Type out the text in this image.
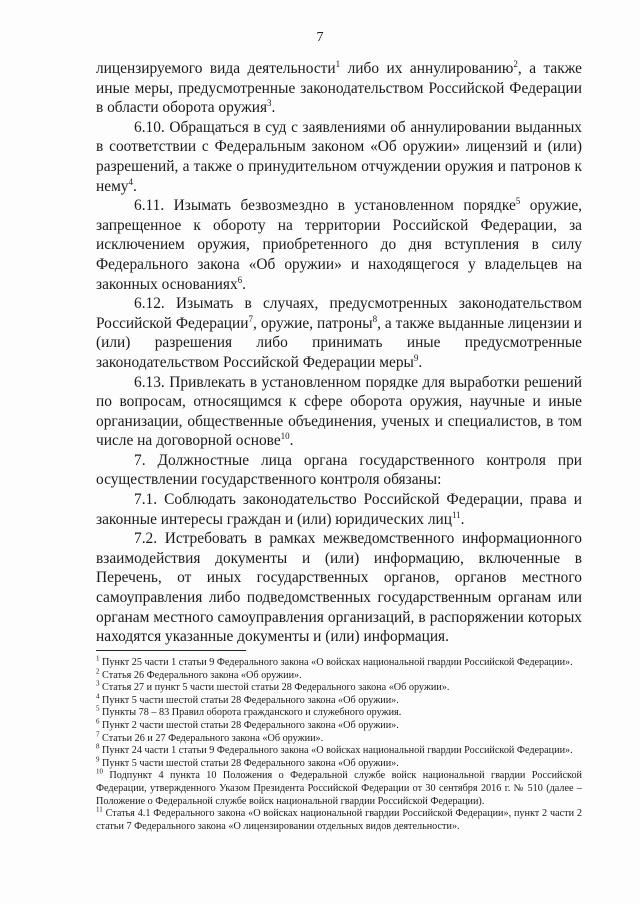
7

лицензируемого вида деятельности$^1$ либо их аннулированию$^2$, а также иные меры, предусмотренные законодательством Российской Федерации в области оборота оружия$^3$.

6.10. Обращаться в суд с заявлениями об аннулировании выданных в соответствии с Федеральным законом «Об оружии» лицензий и (или) разрешений, а также о принудительном отчуждении оружия и патронов к нему$^4$.

6.11. Изымать безвозмездно в установленном порядке$^5$ оружие, запрещенное к обороту на территории Российской Федерации, за исключением оружия, приобретенного до дня вступления в силу Федерального закона «Об оружии» и находящегося у владельцев на законных основаниях$^6$.

6.12. Изымать в случаях, предусмотренных законодательством Российской Федерации$^7$, оружие, патроны$^8$, а также выданные лицензии и (или) разрешения либо принимать иные предусмотренные законодательством Российской Федерации меры$^9$.

6.13. Привлекать в установленном порядке для выработки решений по вопросам, относящимся к сфере оборота оружия, научные и иные организации, общественные объединения, ученых и специалистов, в том числе на договорной основе$^{10}$.

7. Должностные лица органа государственного контроля при осуществлении государственного контроля обязаны:

7.1. Соблюдать законодательство Российской Федерации, права и законные интересы граждан и (или) юридических лиц$^{11}$.

7.2. Истребовать в рамках межведомственного информационного взаимодействия документы и (или) информацию, включенные в Перечень, от иных государственных органов, органов местного самоуправления либо подведомственных государственным органам или органам местного самоуправления организаций, в распоряжении которых находятся указанные документы и (или) информация.

$^1$ Пункт 25 части 1 статьи 9 Федерального закона «О войсках национальной гвардии Российской Федерации».

$^2$ Статья 26 Федерального закона «Об оружии».

$^3$ Статья 27 и пункт 5 части шестой статьи 28 Федерального закона «Об оружии».

$^4$ Пункт 5 части шестой статьи 28 Федерального закона «Об оружии».

$^5$ Пункты 78 – 83 Правил оборота гражданского и служебного оружия.

$^6$ Пункт 2 части шестой статьи 28 Федерального закона «Об оружии».

$^7$ Статьи 26 и 27 Федерального закона «Об оружии».

$^8$ Пункт 24 части 1 статьи 9 Федерального закона «О войсках национальной гвардии Российской Федерации».

$^9$ Пункт 5 части шестой статьи 28 Федерального закона «Об оружии».

$^{10}$ Подпункт 4 пункта 10 Положения о Федеральной службе войск национальной гвардии Российской Федерации, утвержденного Указом Президента Российской Федерации от 30 сентября 2016 г. № 510 (далее – Положение о Федеральной службе войск национальной гвардии Российской Федерации).

$^{11}$ Статья 4.1 Федерального закона «О войсках национальной гвардии Российской Федерации», пункт 2 части 2 статьи 7 Федерального закона «О лицензировании отдельных видов деятельности».
